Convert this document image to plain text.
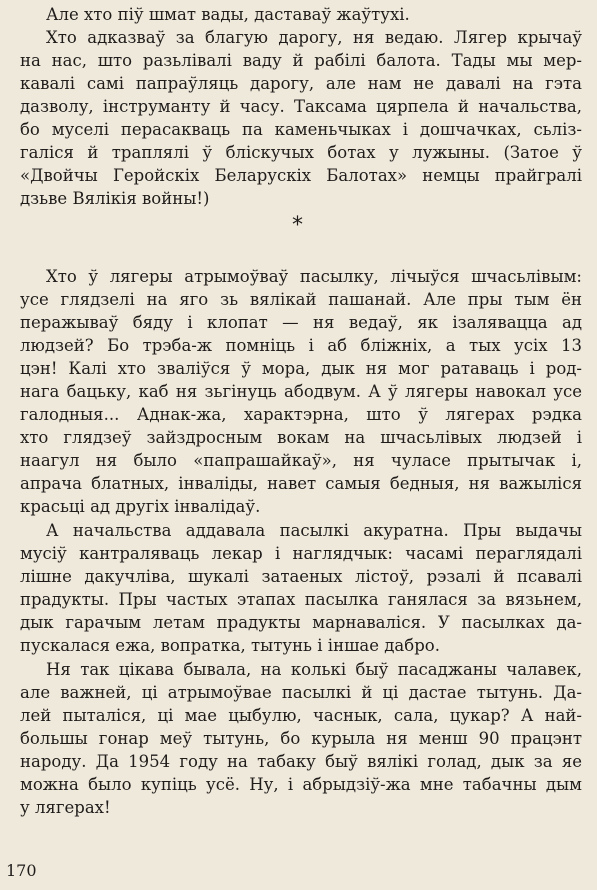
Але хто піў шмат вады, даставаў жаўтухі.
Хто адказваў за благую дарогу, ня ведаю. Лягер крычаў
на нас, што разьлівалі ваду й рабілі балота. Тады мы мер-
кавалі самі папраўляць дарогу, але нам не давалі на гэта
дазволу, інструманту й часу. Таксама цярпела й начальства,
бо муселі перасакваць па каменьчыках і дошчачках, сьлiз-
галіся й траплялі ў бліскучых ботах у лужыны. (Затое ў
«Двойчы Геройскіх Беларускіх Балотах» немцы прайгралі
дзьве Вялікія войны!)
Хто ў лягеры атрымоўваў пасылку, лічыўся шчасьлівым:
усе глядзелі на яго зь вялікай пашанай. Але пры тым ён
перажываў бяду і клопат — ня ведаў, як ізалявацца ад
людзей? Бо трэба-ж помніць і аб бліжніх, а тых усіх 13
цэн! Калі хто зваліўся ў мора, дык ня мог ратаваць і род-
нага бацьку, каб ня зьгінуць абодвум. А ў лягеры навокал усе
галодныя... Аднак-жа, характэрна, што ў лягерах рэдка
хто глядзеў зайздросным вокам на шчасьлівых людзей і
наагул ня было «папрашайкаў», ня чуласе прытычак і,
апрача блатных, інваліды, навет самыя бедныя, ня важыліся
красьці ад другіх інвалідаў.
А начальства аддавала пасылкі акуратна. Пры выдачы
мусіў кантраляваць лекар і наглядчык: часамі пераглядалі
лішне дакучліва, шукалі затаеных лістоў, рэзалі й псавалі
прадукты. Пры частых этапах пасылка ганялася за вязьнем,
дык гарачым летам прадукты марнаваліся. У пасылках да-
пускалася ежа, вопратка, тытунь і іншае дабро.
Ня так цікава бывала, на колькі быў пасаджаны чалавек,
але важней, ці атрымоўвае пасылкі й ці дастае тытунь. Да-
лей пыталіся, ці мае цыбулю, часнык, сала, цукар? А най-
большы гонар меў тытунь, бо курыла ня менш 90 працэнт
народу. Да 1954 году на табаку быў вялікі голад, дык за яе
можна было купіць усё. Ну, і абрыдзіў-жа мне табачны дым
у лягерах!
⁎
170
